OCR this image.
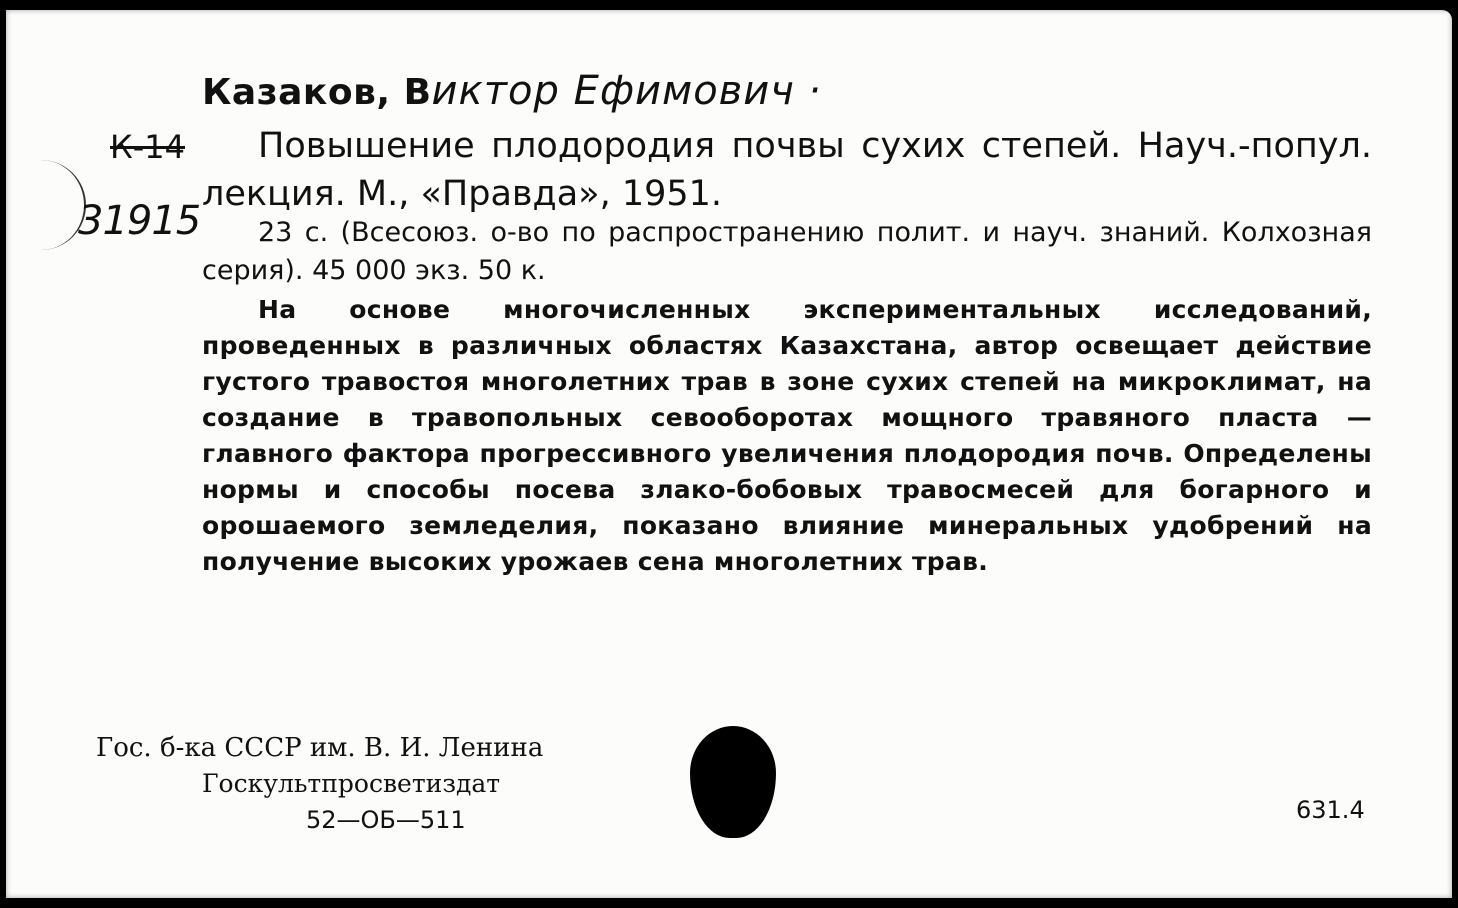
Казаков, Виктор Ефимович ·
К-14
31915
Повышение плодородия почвы сухих степей. Науч.-попул. лекция. М., «Правда», 1951.
23 с. (Всесоюз. о-во по распространению полит. и науч. знаний. Колхозная серия). 45 000 экз. 50 к.
На основе многочисленных экспериментальных исследований, проведенных в различных областях Казахстана, автор освещает действие густого травостоя многолетних трав в зоне сухих степей на микроклимат, на создание в травопольных севооборотах мощного травяного пласта — главного фактора прогрессивного увеличения плодородия почв. Определены нормы и способы посева злако-бобовых травосмесей для богарного и орошаемого земледелия, показано влияние минеральных удобрений на получение высоких урожаев сена многолетних трав.
Гос. б-ка СССР им. В. И. Ленина
Госкультпросветиздат
52—ОБ—511	631.4
